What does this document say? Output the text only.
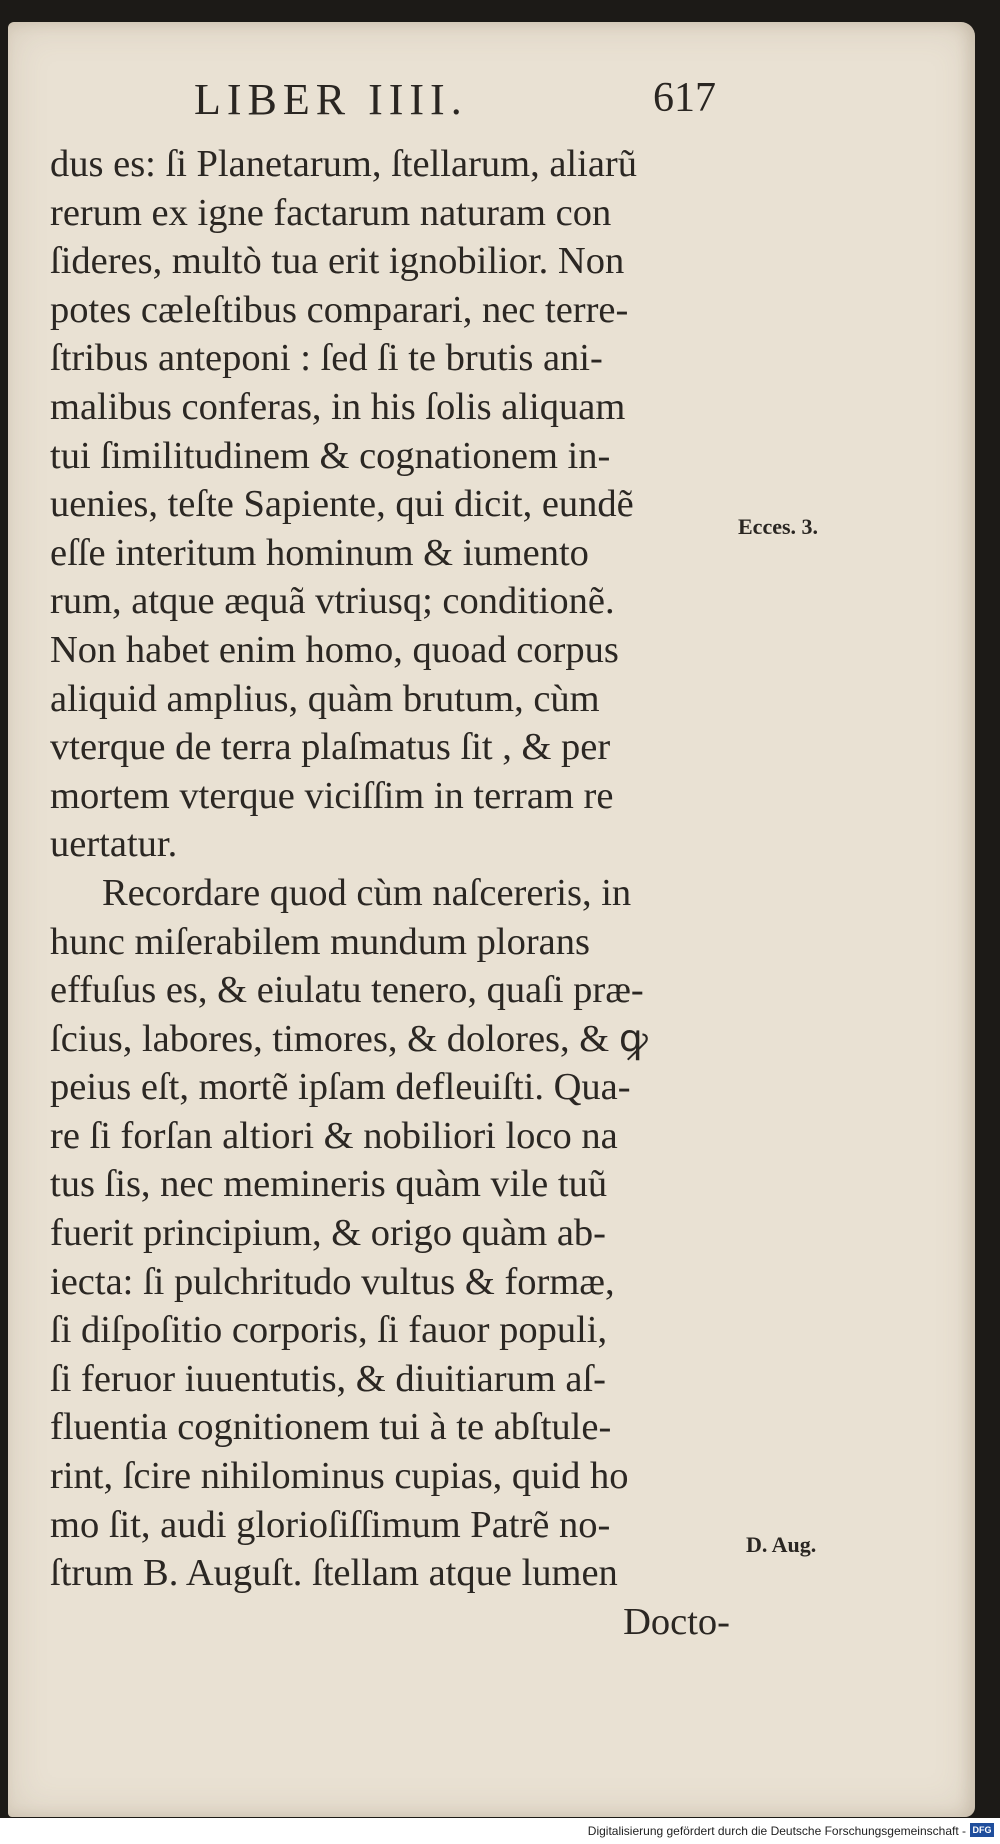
LIBER IIII.	617
dus es: ſi Planetarum, ſtellarum, aliarũ
rerum ex igne factarum naturam con
ſideres, multò tua erit ignobilior. Non
potes cæleſtibus comparari, nec terre-
ſtribus anteponi : ſed ſi te brutis ani-
malibus conferas, in his ſolis aliquam
tui ſimilitudinem & cognationem in-
uenies, teſte Sapiente, qui dicit, eundẽ
eſſe interitum hominum & iumento
rum, atque æquã vtriusq; conditionẽ.
Non habet enim homo, quoad corpus
aliquid amplius, quàm brutum, cùm
vterque de terra plaſmatus ſit , & per
mortem vterque viciſſim in terram re
uertatur.
Recordare quod cùm naſcereris, in
hunc miſerabilem mundum plorans
effuſus es, & eiulatu tenero, quaſi præ-
ſcius, labores, timores, & dolores, & ꝙ
peius eſt, mortẽ ipſam defleuiſti. Qua-
re ſi forſan altiori & nobiliori loco na
tus ſis, nec memineris quàm vile tuũ
fuerit principium, & origo quàm ab-
iecta: ſi pulchritudo vultus & formæ,
ſi diſpoſitio corporis, ſi fauor populi,
ſi feruor iuuentutis, & diuitiarum aſ-
fluentia cognitionem tui à te abſtule-
rint, ſcire nihilominus cupias, quid ho
mo ſit, audi glorioſiſſimum Patrẽ no-
ſtrum B. Auguſt. ſtellam atque lumen
Docto-
Ecces. 3.
D. Aug.
Digitalisierung gefördert durch die Deutsche Forschungsgemeinschaft - DFG
